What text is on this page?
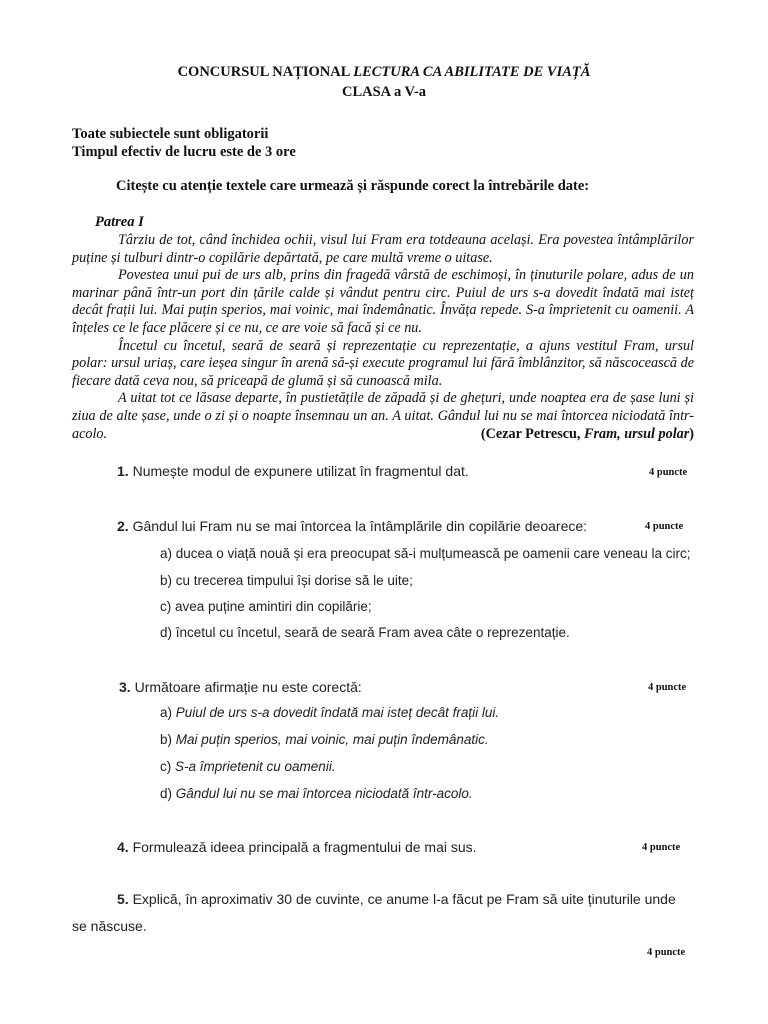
CONCURSUL NAȚIONAL LECTURA CA ABILITATE DE VIAȚĂ
CLASA a V-a
Toate subiectele sunt obligatorii
Timpul efectiv de lucru este de 3 ore
Citește cu atenție textele care urmează și răspunde corect la întrebările date:
Patrea I

Târziu de tot, când închidea ochii, visul lui Fram era totdeauna același. Era povestea întâmplărilor puține și tulburi dintr-o copilărie depărtată, pe care multă vreme o uitase.

Povestea unui pui de urs alb, prins din fragedă vârstă de eschimoși, în ținuturile polare, adus de un marinar până într-un port din țările calde și vândut pentru circ. Puiul de urs s-a dovedit îndată mai isteț decât frații lui. Mai puțin sperios, mai voinic, mai îndemânatic. Învăța repede. S-a împrietenit cu oamenii. A înțeles ce le face plăcere și ce nu, ce are voie să facă și ce nu.

Încetul cu încetul, seară de seară și reprezentație cu reprezentație, a ajuns vestitul Fram, ursul polar: ursul uriaș, care ieșea singur în arenă să-și execute programul lui fără îmblânzitor, să născocească de fiecare dată ceva nou, să priceapă de glumă și să cunoască mila.

A uitat tot ce lăsase departe, în pustietățile de zăpadă și de ghețuri, unde noaptea era de șase luni și ziua de alte șase, unde o zi și o noapte însemnau un an. A uitat. Gândul lui nu se mai întorcea niciodată într-acolo.	(Cezar Petrescu, Fram, ursul polar)

1. Numește modul de expunere utilizat în fragmentul dat.	4 puncte
2. Gândul lui Fram nu se mai întorcea la întâmplările din copilărie deoarece:	4 puncte
a) ducea o viață nouă și era preocupat să-i mulțumească pe oamenii care veneau la circ;
b) cu trecerea timpului își dorise să le uite;
c) avea puține amintiri din copilărie;
d) încetul cu încetul, seară de seară Fram avea câte o reprezentație.
3. Următoare afirmație nu este corectă:	4 puncte
a) Puiul de urs s-a dovedit îndată mai isteț decât frații lui.
b) Mai puțin sperios, mai voinic, mai puțin îndemânatic.
c) S-a împrietenit cu oamenii.
d) Gândul lui nu se mai întorcea niciodată într-acolo.
4. Formulează ideea principală a fragmentului de mai sus.	4 puncte
5. Explică, în aproximativ 30 de cuvinte, ce anume l-a făcut pe Fram să uite ținuturile unde se născuse.
4 puncte
